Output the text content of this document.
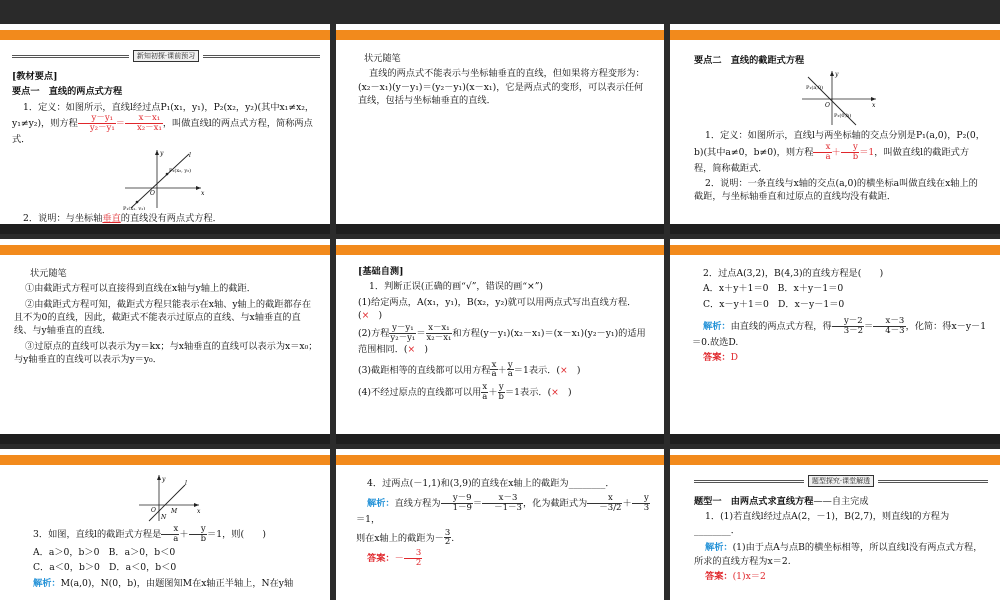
新知初探·课前预习
[教材要点]
要点一　直线的两点式方程
1．定义：如图所示，直线l经过点P₁(x₁，y₁)，P₂(x₂，y₂)(其中x₁≠x₂，y₁≠y₂)，则方程 $\frac{\text{y－y₁}}{\text{y₂－y₁}} = \frac{\text{x－x₁}}{\text{x₂－x₁}}$ ，叫做直线l的两点式方程，简称两点式．
y
x
O
l
P₂(x₂, y₂)
P₁(x₁, y₁)
2．说明：与坐标轴垂直的直线没有两点式方程．
状元随笔
直线的两点式不能表示与坐标轴垂直的直线，但如果将方程变形为：(x₂－x₁)(y－y₁)＝(y₂－y₁)(x－x₁)，它是两点式的变形，可以表示任何直线，包括与坐标轴垂直的直线．
要点二　直线的截距式方程
y
x
O
P₁(a,0)
P₂(0,b)
1．定义：如图所示，直线l与两坐标轴的交点分别是P₁(a,0)，P₂(0，b)(其中a≠0，b≠0)，则方程 $\frac{x}{a} + \frac{y}{b} =1$，叫做直线l的截距式方程，简称截距式．
2．说明：一条直线与x轴的交点(a,0)的横坐标a叫做直线在x轴上的截距，与坐标轴垂直和过原点的直线均没有截距．
状元随笔
①由截距式方程可以直接得到直线在x轴与y轴上的截距．
②由截距式方程可知，截距式方程只能表示在x轴、y轴上的截距都存在且不为0的直线，因此，截距式不能表示过原点的直线、与x轴垂直的直线、与y轴垂直的直线．
③过原点的直线可以表示为y＝kx；与x轴垂直的直线可以表示为x＝x₀；与y轴垂直的直线可以表示为y＝y₀．
[基础自测]
1．判断正误(正确的画“√”，错误的画“×”)
(1)给定两点，A(x₁，y₁)，B(x₂，y₂)就可以用两点式写出直线方程．(×　)
(2)方程 $\frac{\text{y－y₁}}{\text{y₂－y₁}} = \frac{\text{x－x₁}}{\text{x₂－x₁}}$ 和方程(y－y₁)(x₂－x₁)＝(x－x₁)(y₂－y₁)的适用范围相同．(×　)
(3)截距相等的直线都可以用方程 $\frac{x}{a} + \frac{y}{a} =1$表示．(×　)
(4)不经过原点的直线都可以用 $\frac{x}{a} + \frac{y}{b} =1$表示．(×　)
2．过点A(3,2)，B(4,3)的直线方程是(　　)
A．x＋y＋1＝0　B．x＋y－1＝0
C．x－y＋1＝0　D．x－y－1＝0
解析：由直线的两点式方程，得 $\frac{y-2}{3-2} = \frac{x-3}{4-3}$ ，化简：得x－y－1＝0.故选D.
答案：D
y
x
O
l
M
N
3．如图，直线l的截距式方程是 $\frac{x}{a} + \frac{y}{b} =1$，则(　　)
A．a＞0，b＞0　B．a＞0，b＜0
C．a＜0，b＞0　D．a＜0，b＜0
解析：M(a,0)，N(0，b)，由题图知M在x轴正半轴上，N在y轴
4．过两点(－1,1)和(3,9)的直线在x轴上的截距为________．
解析：直线方程为 $\frac{y-9}{1-9} = \frac{x-3}{-1-3}$ ，化为截距式为 $\frac{x}{-3/2} + \frac{y}{3}$
＝1，
则在x轴上的截距为－ $\frac{3}{2}$ .
答案：－ $\frac{3}{2}$
题型探究·课堂解透
题型一　由两点式求直线方程——自主完成
1．(1)若直线l经过点A(2，－1)，B(2,7)，则直线l的方程为________．
解析：(1)由于点A与点B的横坐标相等，所以直线l没有两点式方程，所求的直线方程为x＝2.
答案：(1)x＝2
